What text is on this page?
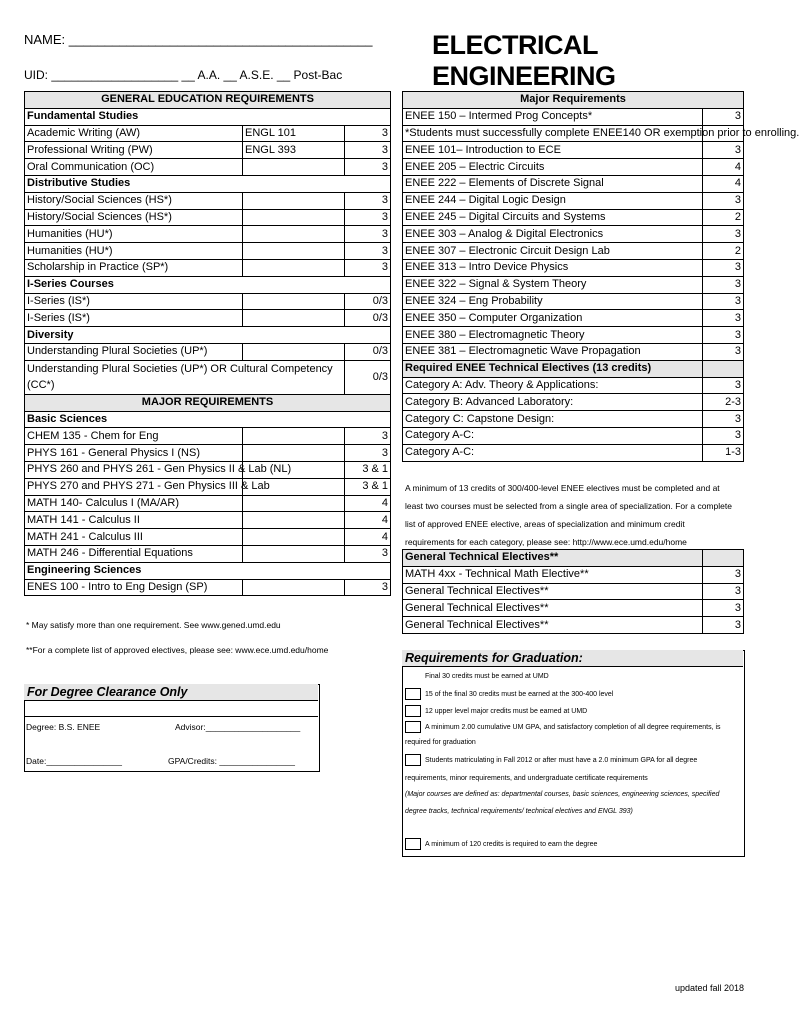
NAME: __________________________________________
UID: ___________________ __ A.A. __ A.S.E. __ Post-Bac
ELECTRICAL ENGINEERING
GENERAL EDUCATION REQUIREMENTS		
Fundamental Studies		
Academic Writing (AW)	ENGL 101	3
Professional Writing (PW)	ENGL 393	3
Oral Communication (OC)		3
Distributive Studies		
History/Social Sciences (HS*)		3
History/Social Sciences (HS*)		3
Humanities (HU*)		3
Humanities (HU*)		3
Scholarship in Practice (SP*)		3
I-Series Courses		
I-Series (IS*)		0/3
I-Series (IS*)		0/3
Diversity		
Understanding Plural Societies (UP*)		0/3
Understanding Plural Societies (UP*) OR Cultural Competency (CC*)		0/3
MAJOR REQUIREMENTS		
Basic Sciences		
CHEM 135 - Chem for Eng		3
PHYS 161 - General Physics I (NS)		3
PHYS 260 and PHYS 261 - Gen Physics II & Lab (NL)		3 & 1
PHYS 270 and PHYS 271 - Gen Physics III & Lab		3 & 1
MATH 140- Calculus I (MA/AR)		4
MATH 141 - Calculus II		4
MATH 241 - Calculus III		4
MATH 246 - Differential Equations		3
Engineering Sciences		
ENES 100 - Intro to Eng Design (SP)		3
* May satisfy more than one requirement. See www.gened.umd.edu
**For a complete list of approved electives, please see: www.ece.umd.edu/home
Major Requirements	
ENEE 150 – Intermed Prog Concepts*	3
*Students must successfully complete ENEE140 OR exemption prior to enrolling.	
ENEE 101– Introduction to ECE	3
ENEE 205 – Electric Circuits	4
ENEE 222 – Elements of Discrete Signal	4
ENEE 244 – Digital Logic Design	3
ENEE 245 – Digital Circuits and Systems	2
ENEE 303 – Analog & Digital Electronics	3
ENEE 307 – Electronic Circuit Design Lab	2
ENEE 313 – Intro Device Physics	3
ENEE 322 – Signal & System Theory	3
ENEE 324 – Eng Probability	3
ENEE 350 – Computer Organization	3
ENEE 380 – Electromagnetic Theory	3
ENEE 381 – Electromagnetic Wave Propagation	3
Required ENEE Technical Electives (13 credits)	
Category A: Adv. Theory & Applications:	3
Category B: Advanced Laboratory:	2-3
Category C: Capstone Design:	3
Category A-C:	3
Category A-C:	1-3
A minimum of 13 credits of 300/400-level ENEE electives must be completed and at
least two courses must be selected from a single area of specialization. For a complete
list of approved ENEE elective, areas of specialization and minimum credit
requirements for each category, please see: http://www.ece.umd.edu/home
General Technical Electives**	
MATH 4xx - Technical Math Elective**	3
General Technical Electives**	3
General Technical Electives**	3
General Technical Electives**	3
Requirements for Graduation:
Final 30 credits must be earned at UMD
15 of the final 30 credits must be earned at the 300-400 level
12 upper level major credits must be earned at UMD
A minimum 2.00 cumulative UM GPA, and satisfactory completion of all degree requirements, is required for graduation
Students matriculating in Fall 2012 or after must have a 2.0 minimum GPA for all degree requirements, minor requirements, and undergraduate certificate requirements
(Major courses are defined as: departmental courses, basic sciences, engineering sciences, specified degree tracks, technical requirements/ technical electives and ENGL 393)
A minimum of 120 credits is required to earn the degree
For Degree Clearance Only
Degree: B.S. ENEE	Advisor:____________________
Date:________________	GPA/Credits: ________________
updated fall 2018
